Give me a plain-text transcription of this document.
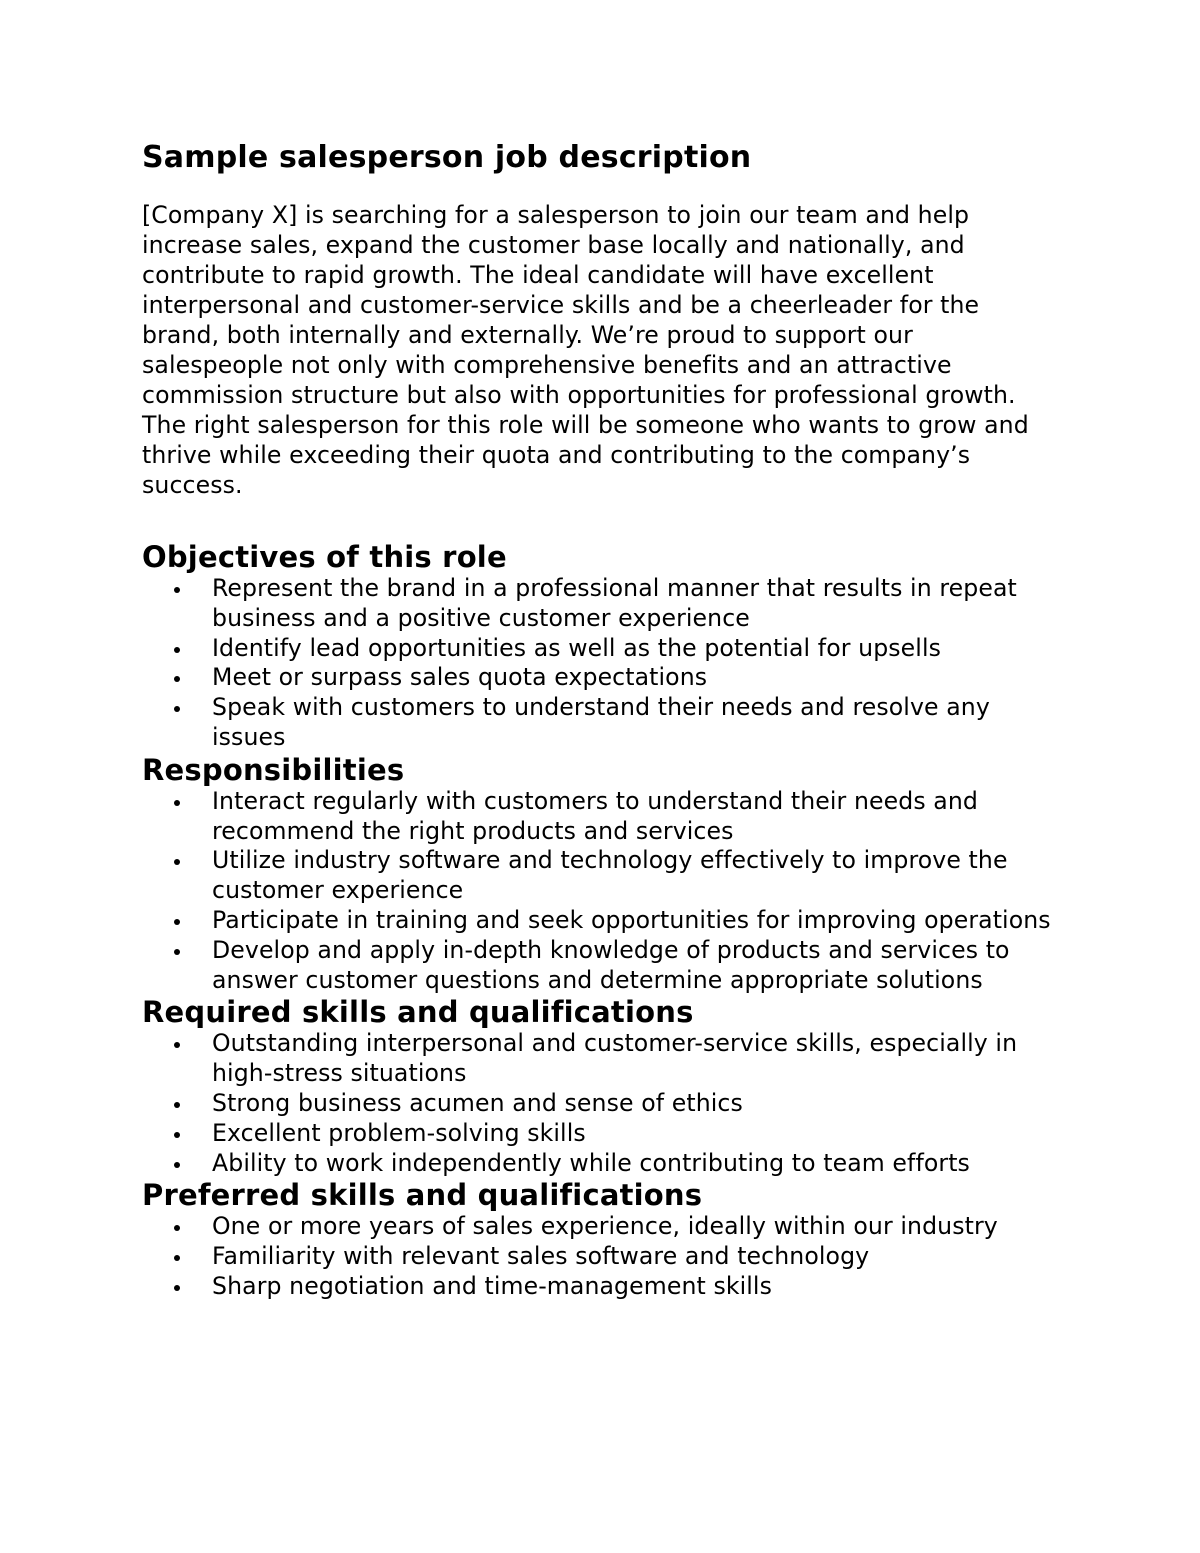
Sample salesperson job description

[Company X] is searching for a salesperson to join our team and help increase sales, expand the customer base locally and nationally, and contribute to rapid growth. The ideal candidate will have excellent interpersonal and customer-service skills and be a cheerleader for the brand, both internally and externally. We’re proud to support our salespeople not only with comprehensive benefits and an attractive commission structure but also with opportunities for professional growth. The right salesperson for this role will be someone who wants to grow and thrive while exceeding their quota and contributing to the company’s success.

Objectives of this role
Represent the brand in a professional manner that results in repeat business and a positive customer experience
Identify lead opportunities as well as the potential for upsells
Meet or surpass sales quota expectations
Speak with customers to understand their needs and resolve any issues
Responsibilities
Interact regularly with customers to understand their needs and recommend the right products and services
Utilize industry software and technology effectively to improve the customer experience
Participate in training and seek opportunities for improving operations
Develop and apply in-depth knowledge of products and services to answer customer questions and determine appropriate solutions
Required skills and qualifications
Outstanding interpersonal and customer-service skills, especially in high-stress situations
Strong business acumen and sense of ethics
Excellent problem-solving skills
Ability to work independently while contributing to team efforts
Preferred skills and qualifications
One or more years of sales experience, ideally within our industry
Familiarity with relevant sales software and technology
Sharp negotiation and time-management skills
